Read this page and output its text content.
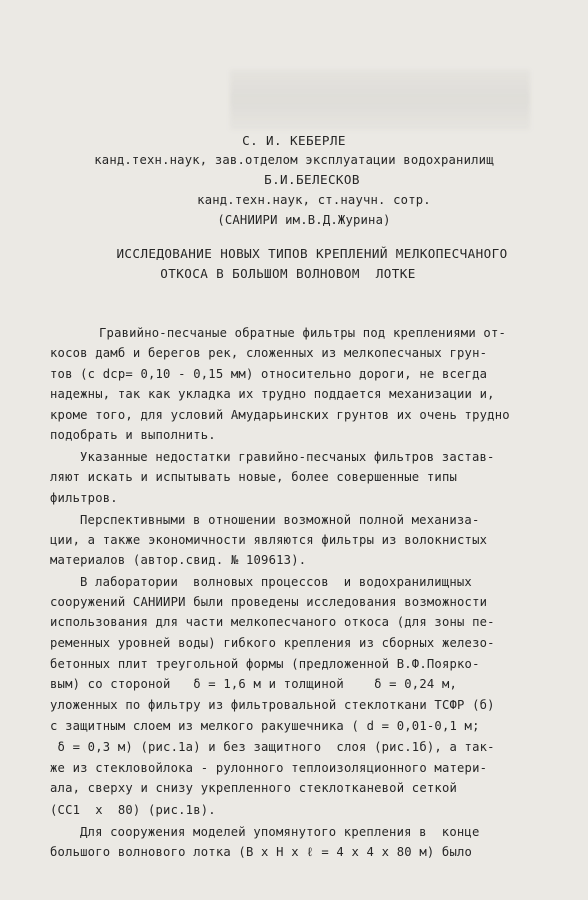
С. И. КЕБЕРЛЕ
канд.техн.наук, зав.отделом эксплуатации водохранилищ
Б.И.БЕЛЕСКОВ
канд.техн.наук, ст.научн. сотр.
(САНИИРИ им.В.Д.Журина)
ИССЛЕДОВАНИЕ НОВЫХ ТИПОВ КРЕПЛЕНИЙ МЕЛКОПЕСЧАНОГО
ОТКОСА В БОЛЬШОМ ВОЛНОВОМ  ЛОТКЕ
Гравийно-песчаные обратные фильтры под креплениями от-
косов дамб и берегов рек, сложенных из мелкопесчаных грун-
тов (с dср= 0,10 - 0,15 мм) относительно дороги, не всегда
надежны, так как укладка их трудно поддается механизации и,
кроме того, для условий Амударьинских грунтов их очень трудно
подобрать и выполнить.
Указанные недостатки гравийно-песчаных фильтров застав-
ляют искать и испытывать новые, более совершенные типы
фильтров.
Перспективными в отношении возможной полной механиза-
ции, а также экономичности являются фильтры из волокнистых
материалов (автор.свид. № 109613).
В лаборатории  волновых процессов  и водохранилищных
сооружений САНИИРИ были проведены исследования возможности
использования для части мелкопесчаного откоса (для зоны пе-
ременных уровней воды) гибкого крепления из сборных железо-
бетонных плит треугольной формы (предложенной В.Ф.Поярко-
вым) со стороной   δ = 1,6 м и толщиной    δ = 0,24 м,
уложенных по фильтру из фильтровальной стеклоткани ТСФР (б)
с защитным слоем из мелкого ракушечника ( d = 0,01-0,1 м;
δ = 0,3 м) (рис.1а) и без защитного  слоя (рис.1б), а так-
же из стекловойлока - рулонного теплоизоляционного матери-
ала, сверху и снизу укрепленного стеклотканевой сеткой
(СС1  х  80) (рис.1в).
Для сооружения моделей упомянутого крепления в  конце
большого волнового лотка (В х Н х ℓ = 4 х 4 х 80 м) было
